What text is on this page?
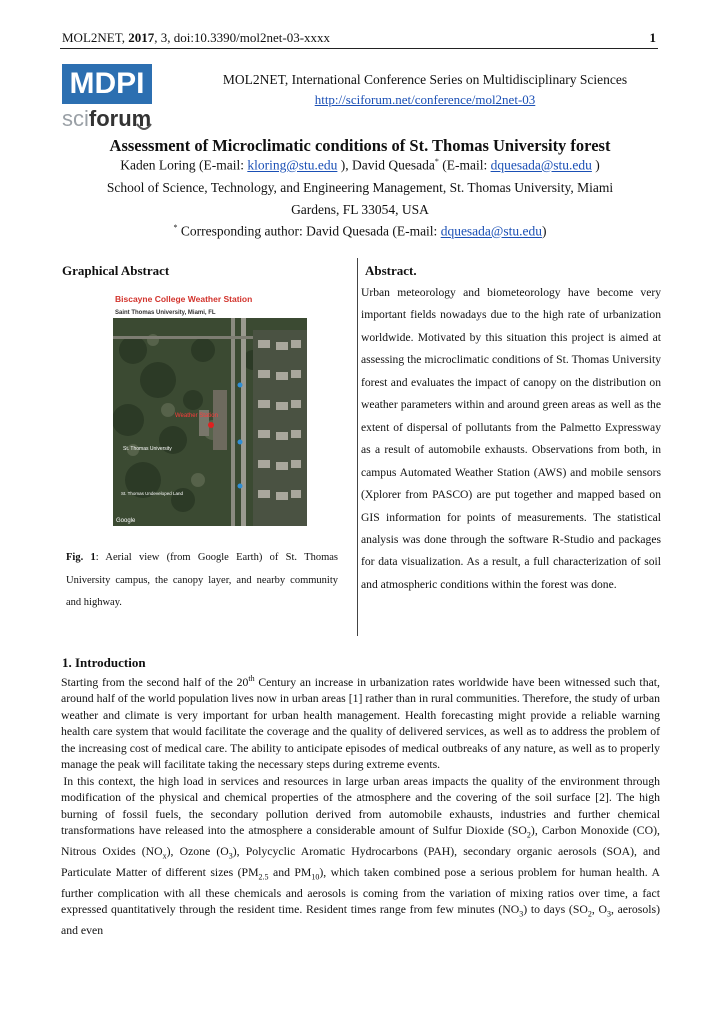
MOL2NET, 2017, 3, doi:10.3390/mol2net-03-xxxx	1
MDPI
sciforum
MOL2NET, International Conference Series on Multidisciplinary Sciences
http://sciforum.net/conference/mol2net-03
Assessment of Microclimatic conditions of St. Thomas University forest
Kaden Loring (E-mail: kloring@stu.edu ), David Quesada* (E-mail: dquesada@stu.edu )
School of Science, Technology, and Engineering Management, St. Thomas University, Miami
Gardens, FL 33054, USA
* Corresponding author: David Quesada (E-mail: dquesada@stu.edu)
Graphical Abstract
Biscayne College Weather Station
Saint Thomas University, Miami, FL
Weather Station
St. Thomas University
St. Thomas Undeveloped Land
Google
Fig. 1: Aerial view (from Google Earth) of St. Thomas University campus, the canopy layer, and nearby community and highway.
Abstract.
Urban meteorology and biometeorology have become very important fields nowadays due to the high rate of urbanization worldwide. Motivated by this situation this project is aimed at assessing the microclimatic conditions of St. Thomas University forest and evaluates the impact of canopy on the distribution on weather parameters within and around green areas as well as the extent of dispersal of pollutants from the Palmetto Expressway as a result of automobile exhausts. Observations from both, in campus Automated Weather Station (AWS) and mobile sensors (Xplorer from PASCO) are put together and mapped based on GIS information for points of measurements. The statistical analysis was done through the software R-Studio and packages for data visualization. As a result, a full characterization of soil and atmospheric conditions within the forest was done.
1. Introduction

Starting from the second half of the 20th Century an increase in urbanization rates worldwide have been witnessed such that, around half of the world population lives now in urban areas [1] rather than in rural communities. Therefore, the study of urban weather and climate is very important for urban health management. Health forecasting might provide a reliable warning health care system that would facilitate the coverage and the quality of delivered services, as well as to address the problem of the increasing cost of medical care. The ability to anticipate episodes of medical outbreaks of any nature, as well as to properly manage the peak will facilitate taking the necessary steps during extreme events.

 In this context, the high load in services and resources in large urban areas impacts the quality of the environment through modification of the physical and chemical properties of the atmosphere and the covering of the soil surface [2]. The high burning of fossil fuels, the secondary pollution derived from automobile exhausts, industries and further chemical transformations have released into the atmosphere a considerable amount of Sulfur Dioxide $(SO_2)$, Carbon Monoxide (CO), Nitrous Oxides $(NO_x)$, Ozone $(O_3)$, Polycyclic Aromatic Hydrocarbons (PAH), secondary organic aerosols (SOA), and Particulate Matter of different sizes ($PM_{2.5}$ and $PM_{10}$), which taken combined pose a serious problem for human health. A further complication with all these chemicals and aerosols is coming from the variation of mixing ratios over time, a fact expressed quantitatively through the resident time. Resident times range from few minutes $(NO_3)$ to days ($SO_2$, $O_3$, aerosols) and even
